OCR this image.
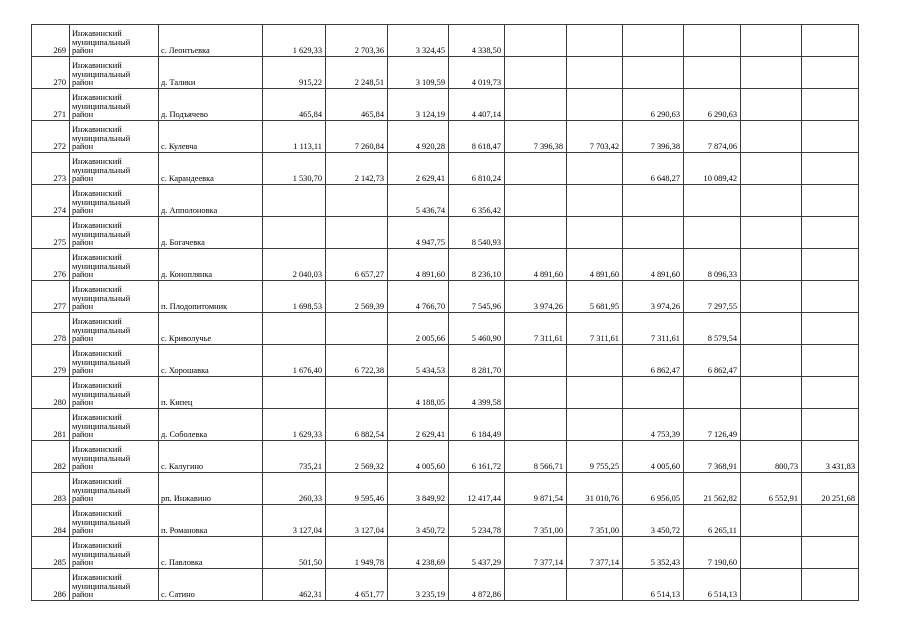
269	Инжавинский
муниципальный
район	с. Леонтьевка	1 629,33	2 703,36	3 324,45	4 338,50						
270	Инжавинский
муниципальный
район	д. Талики	915,22	2 248,51	3 109,59	4 019,73						
271	Инжавинский
муниципальный
район	д. Подъячево	465,84	465,84	3 124,19	4 407,14			6 290,63	6 290,63		
272	Инжавинский
муниципальный
район	с. Кулевча	1 113,11	7 260,84	4 920,28	8 618,47	7 396,38	7 703,42	7 396,38	7 874,06		
273	Инжавинский
муниципальный
район	с. Карандеевка	1 530,70	2 142,73	2 629,41	6 810,24			6 648,27	10 089,42		
274	Инжавинский
муниципальный
район	д. Апполоновка			5 436,74	6 356,42						
275	Инжавинский
муниципальный
район	д. Богачевка			4 947,75	8 540,93						
276	Инжавинский
муниципальный
район	д. Коноплянка	2 040,03	6 657,27	4 891,60	8 236,10	4 891,60	4 891,60	4 891,60	8 096,33		
277	Инжавинский
муниципальный
район	п. Плодопитомник	1 698,53	2 569,39	4 766,70	7 545,96	3 974,26	5 681,95	3 974,26	7 297,55		
278	Инжавинский
муниципальный
район	с. Криволучье			2 005,66	5 460,90	7 311,61	7 311,61	7 311,61	8 579,54		
279	Инжавинский
муниципальный
район	с. Хорошавка	1 676,40	6 722,38	5 434,53	8 281,70			6 862,47	6 862,47		
280	Инжавинский
муниципальный
район	п. Кипец			4 188,05	4 399,58						
281	Инжавинский
муниципальный
район	д. Соболевка	1 629,33	6 882,54	2 629,41	6 184,49			4 753,39	7 126,49		
282	Инжавинский
муниципальный
район	с. Калугино	735,21	2 569,32	4 005,60	6 161,72	8 566,71	9 755,25	4 005,60	7 368,91	800,73	3 431,83
283	Инжавинский
муниципальный
район	рп. Инжавино	260,33	9 595,46	3 849,92	12 417,44	9 871,54	31 010,76	6 956,05	21 562,82	6 552,91	20 251,68
284	Инжавинский
муниципальный
район	п. Романовка	3 127,04	3 127,04	3 450,72	5 234,78	7 351,00	7 351,00	3 450,72	6 265,11		
285	Инжавинский
муниципальный
район	с. Павловка	501,50	1 949,78	4 238,69	5 437,29	7 377,14	7 377,14	5 352,43	7 190,60		
286	Инжавинский
муниципальный
район	с. Сатино	462,31	4 651,77	3 235,19	4 872,86			6 514,13	6 514,13		
